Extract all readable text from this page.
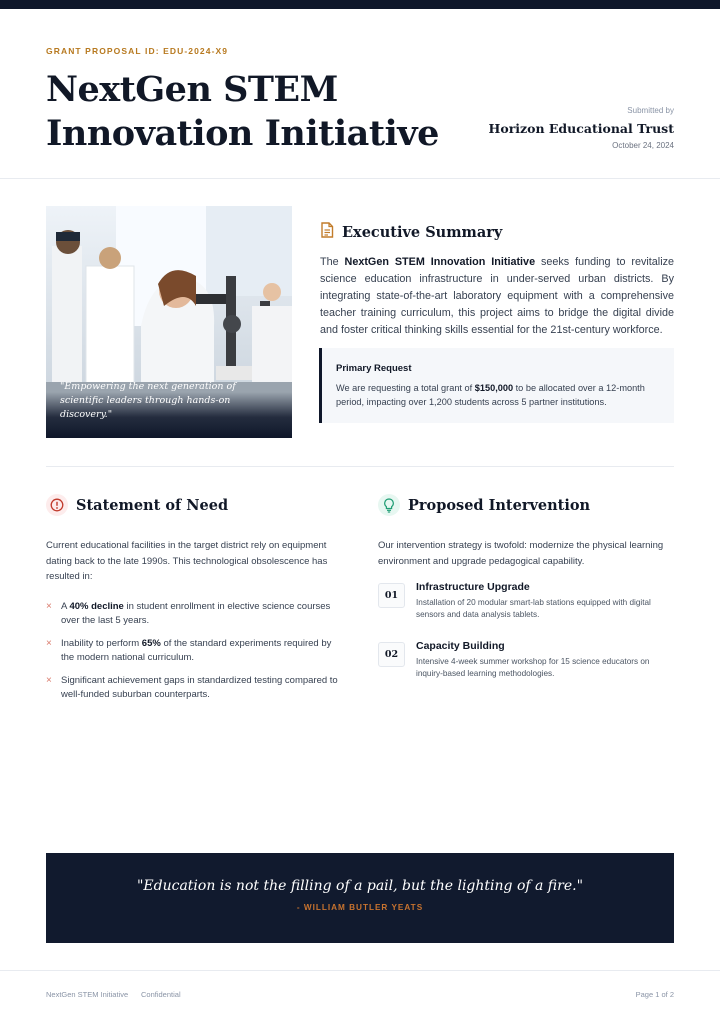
GRANT PROPOSAL ID: EDU-2024-X9
NextGen STEM
Innovation Initiative
Submitted by
Horizon Educational Trust
October 24, 2024
"Empowering the next generation of scientific leaders through hands-on discovery."
Executive Summary

The NextGen STEM Innovation Initiative seeks funding to revitalize science education infrastructure in under-served urban districts. By integrating state-of-the-art laboratory equipment with a comprehensive teacher training curriculum, this project aims to bridge the digital divide and foster critical thinking skills essential for the 21st-century workforce.

Primary Request

We are requesting a total grant of $150,000 to be allocated over a 12-month period, impacting over 1,200 students across 5 partner institutions.

Statement of Need

Current educational facilities in the target district rely on equipment dating back to the late 1990s. This technological obsolescence has resulted in:

× A 40% decline in student enrollment in elective science courses over the last 5 years.
× Inability to perform 65% of the standard experiments required by the modern national curriculum.
× Significant achievement gaps in standardized testing compared to well-funded suburban counterparts.
Proposed Intervention

Our intervention strategy is twofold: modernize the physical learning environment and upgrade pedagogical capability.

01
Infrastructure Upgrade
Installation of 20 modular smart-lab stations equipped with digital sensors and data analysis tablets.
02
Capacity Building
Intensive 4-week summer workshop for 15 science educators on inquiry-based learning methodologies.
"Education is not the filling of a pail, but the lighting of a fire."
- WILLIAM BUTLER YEATS
NextGen STEM Initiative Confidential	Page 1 of 2
